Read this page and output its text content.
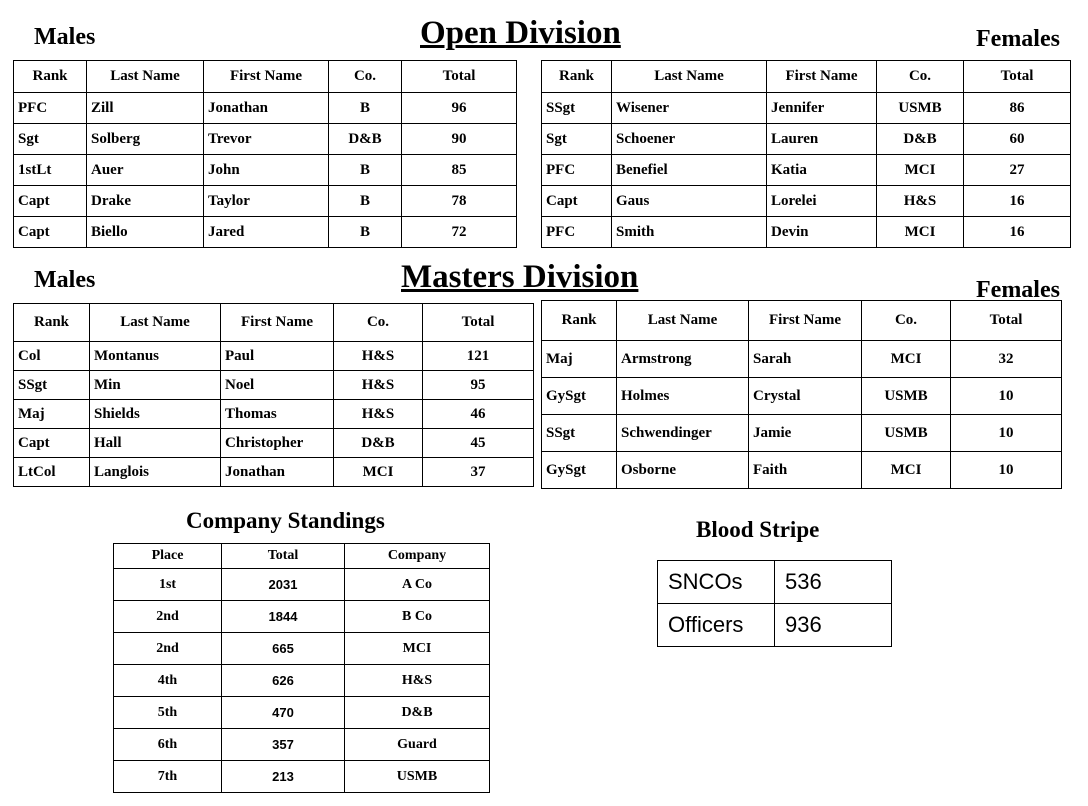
Males	Open Division	Females
Males	Masters Division	Females
Company Standings	Blood Stripe
Rank	Last Name	First Name	Co.	Total
PFC	Zill	Jonathan	B	96
Sgt	Solberg	Trevor	D&B	90
1stLt	Auer	John	B	85
Capt	Drake	Taylor	B	78
Capt	Biello	Jared	B	72
Rank	Last Name	First Name	Co.	Total
SSgt	Wisener	Jennifer	USMB	86
Sgt	Schoener	Lauren	D&B	60
PFC	Benefiel	Katia	MCI	27
Capt	Gaus	Lorelei	H&S	16
PFC	Smith	Devin	MCI	16
Rank	Last Name	First Name	Co.	Total
Col	Montanus	Paul	H&S	121
SSgt	Min	Noel	H&S	95
Maj	Shields	Thomas	H&S	46
Capt	Hall	Christopher	D&B	45
LtCol	Langlois	Jonathan	MCI	37
Rank	Last Name	First Name	Co.	Total
Maj	Armstrong	Sarah	MCI	32
GySgt	Holmes	Crystal	USMB	10
SSgt	Schwendinger	Jamie	USMB	10
GySgt	Osborne	Faith	MCI	10
Place	Total	Company
1st	2031	A Co
2nd	1844	B Co
2nd	665	MCI
4th	626	H&S
5th	470	D&B
6th	357	Guard
7th	213	USMB
SNCOs	536
Officers	936
